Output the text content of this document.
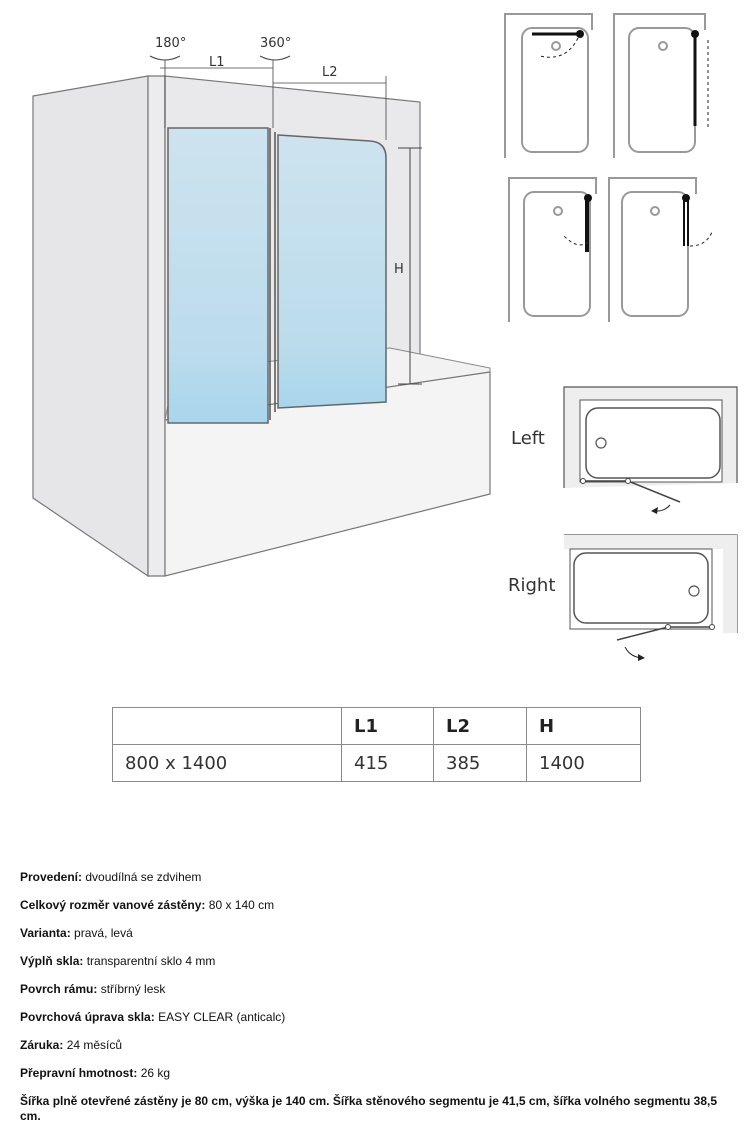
180°	360°
L1
L2
H
Left
Right
	L1	L2	H
800 x 1400	415	385	1400

Provedení: dvoudílná se zdvihem

Celkový rozměr vanové zástěny: 80 x 140 cm

Varianta: pravá, levá

Výplň skla: transparentní sklo 4 mm

Povrch rámu: stříbrný lesk

Povrchová úprava skla: EASY CLEAR (anticalc)

Záruka: 24 měsíců

Přepravní hmotnost: 26 kg

Šířka plně otevřené zástěny je 80 cm, výška je 140 cm. Šířka stěnového segmentu je 41,5 cm, šířka volného segmentu 38,5 cm.
